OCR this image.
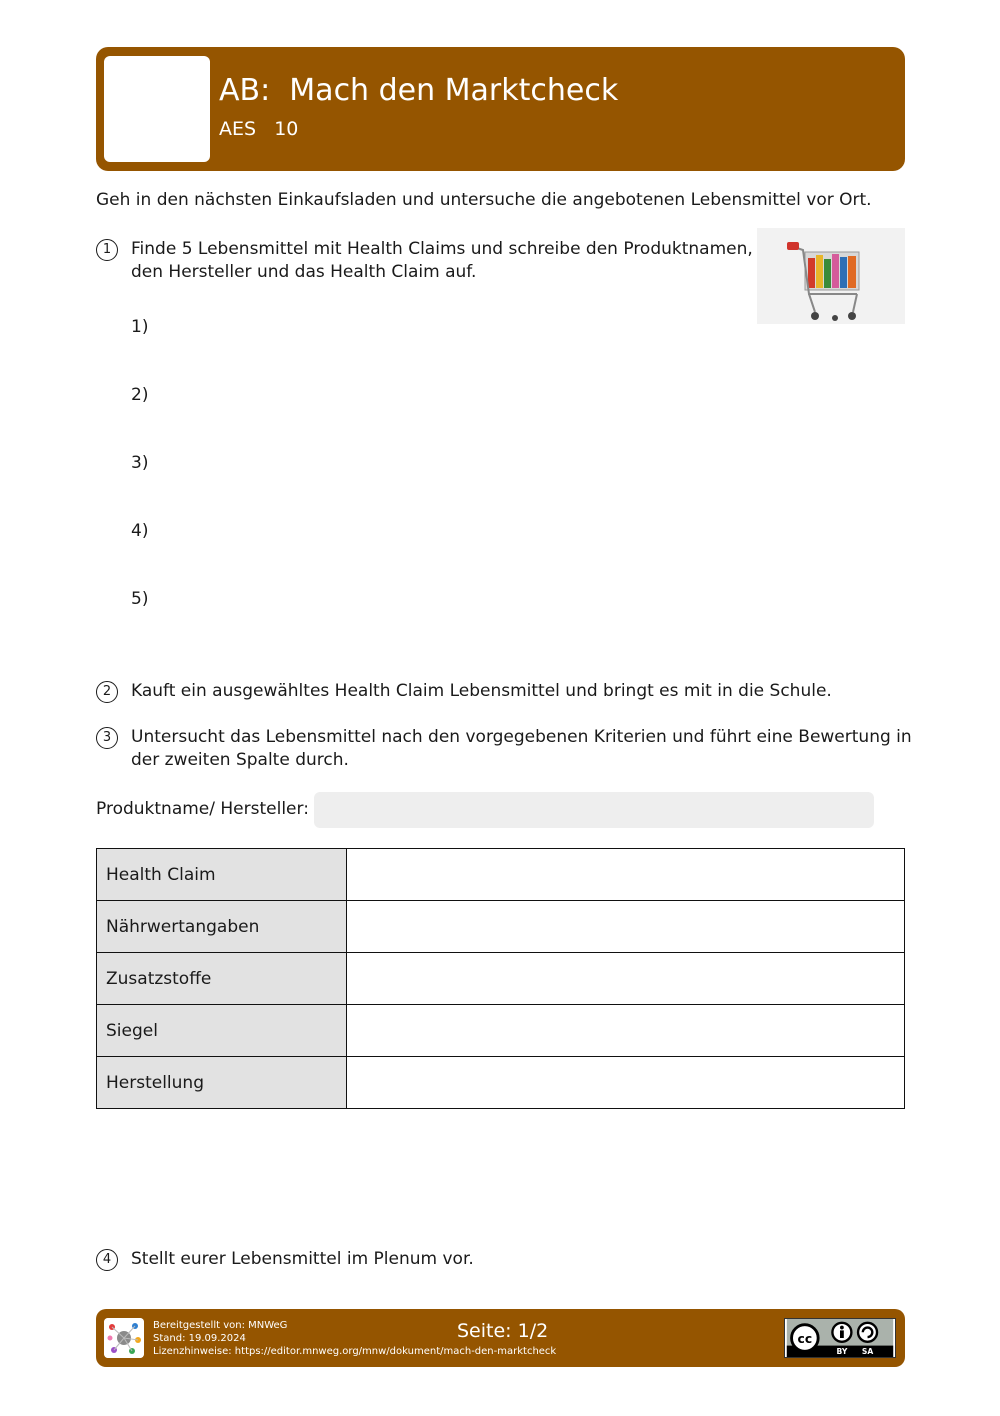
AB: Mach den Marktcheck
AES 10
Geh in den nächsten Einkaufsladen und untersuche die angebotenen Lebensmittel vor Ort.
1	Finde 5 Lebensmittel mit Health Claims und schreibe den Produktnamen,
den Hersteller und das Health Claim auf.
1)
2)
3)
4)
5)
2	Kauft ein ausgewähltes Health Claim Lebensmittel und bringt es mit in die Schule.
3	Untersucht das Lebensmittel nach den vorgegebenen Kriterien und führt eine Bewertung in
der zweiten Spalte durch.
Produktname/ Hersteller:
Health Claim	
Nährwertangaben	
Zusatzstoffe	
Siegel	
Herstellung	
4	Stellt eurer Lebensmittel im Plenum vor.
Bereitgestellt von: MNWeG
Stand: 19.09.2024
Lizenzhinweise: https://editor.mnweg.org/mnw/dokument/mach-den-marktcheck
Seite: 1/2	cc
BY SA
